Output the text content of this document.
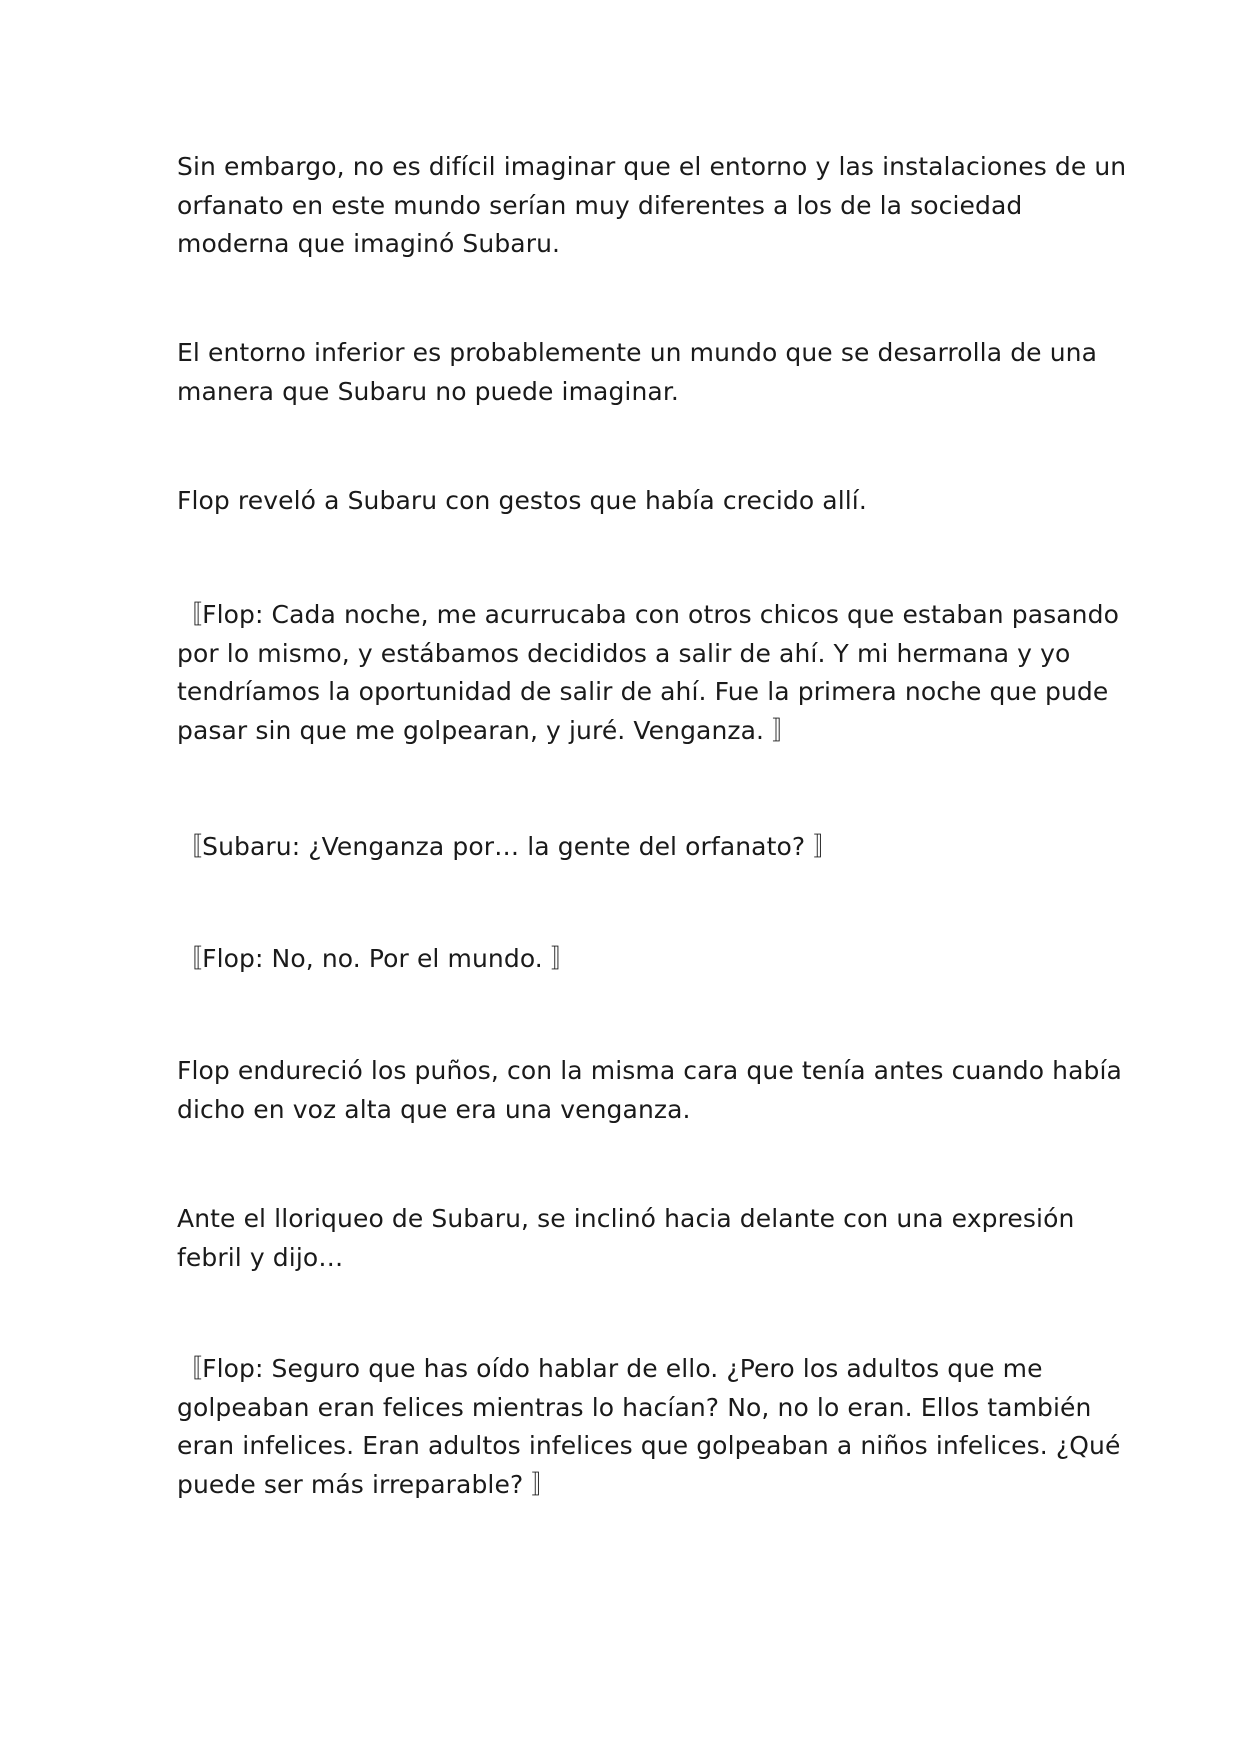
Sin embargo, no es difícil imaginar que el entorno y las instalaciones de un
orfanato en este mundo serían muy diferentes a los de la sociedad
moderna que imaginó Subaru.

El entorno inferior es probablemente un mundo que se desarrolla de una
manera que Subaru no puede imaginar.

Flop reveló a Subaru con gestos que había crecido allí.

〚Flop: Cada noche, me acurrucaba con otros chicos que estaban pasando
por lo mismo, y estábamos decididos a salir de ahí. Y mi hermana y yo
tendríamos la oportunidad de salir de ahí. Fue la primera noche que pude
pasar sin que me golpearan, y juré. Venganza. 〛

〚Subaru: ¿Venganza por… la gente del orfanato? 〛

〚Flop: No, no. Por el mundo. 〛

Flop endureció los puños, con la misma cara que tenía antes cuando había
dicho en voz alta que era una venganza.

Ante el lloriqueo de Subaru, se inclinó hacia delante con una expresión
febril y dijo…

〚Flop: Seguro que has oído hablar de ello. ¿Pero los adultos que me
golpeaban eran felices mientras lo hacían? No, no lo eran. Ellos también
eran infelices. Eran adultos infelices que golpeaban a niños infelices. ¿Qué
puede ser más irreparable? 〛
